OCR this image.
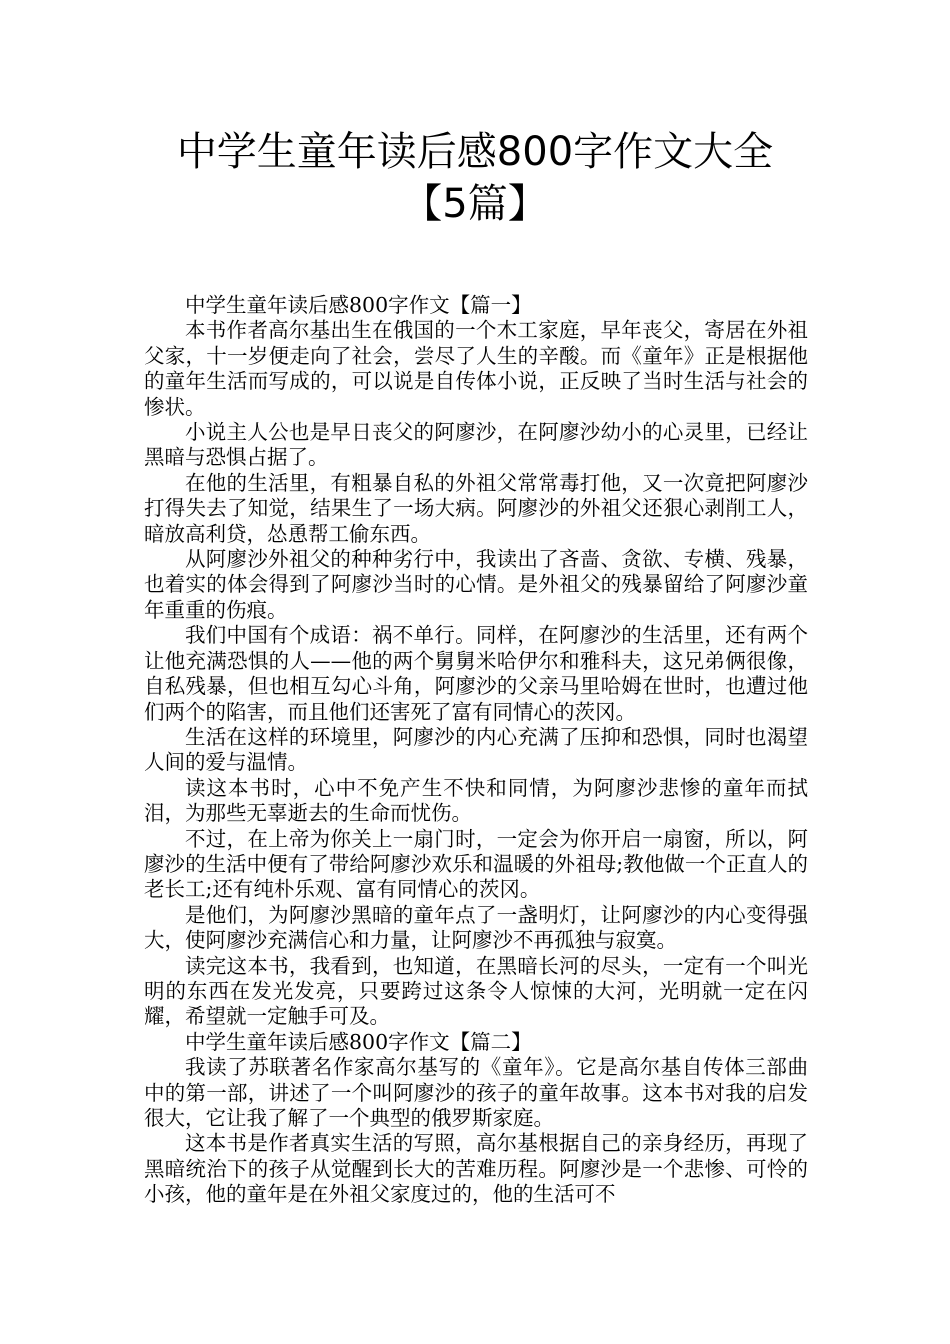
中学生童年读后感800字作文大全【5篇】

中学生童年读后感800字作文【篇一】

本书作者高尔基出生在俄国的一个木工家庭，早年丧父，寄居在外祖父家，十一岁便走向了社会，尝尽了人生的辛酸。而《童年》正是根据他的童年生活而写成的，可以说是自传体小说，正反映了当时生活与社会的惨状。

小说主人公也是早日丧父的阿廖沙，在阿廖沙幼小的心灵里，已经让黑暗与恐惧占据了。

在他的生活里，有粗暴自私的外祖父常常毒打他，又一次竟把阿廖沙打得失去了知觉，结果生了一场大病。阿廖沙的外祖父还狠心剥削工人，暗放高利贷，怂恿帮工偷东西。

从阿廖沙外祖父的种种劣行中，我读出了吝啬、贪欲、专横、残暴，也着实的体会得到了阿廖沙当时的心情。是外祖父的残暴留给了阿廖沙童年重重的伤痕。

我们中国有个成语：祸不单行。同样，在阿廖沙的生活里，还有两个让他充满恐惧的人——他的两个舅舅米哈伊尔和雅科夫，这兄弟俩很像，自私残暴，但也相互勾心斗角，阿廖沙的父亲马里哈姆在世时，也遭过他们两个的陷害，而且他们还害死了富有同情心的茨冈。

生活在这样的环境里，阿廖沙的内心充满了压抑和恐惧，同时也渴望人间的爱与温情。

读这本书时，心中不免产生不快和同情，为阿廖沙悲惨的童年而拭泪，为那些无辜逝去的生命而忧伤。

不过，在上帝为你关上一扇门时，一定会为你开启一扇窗，所以，阿廖沙的生活中便有了带给阿廖沙欢乐和温暖的外祖母;教他做一个正直人的老长工;还有纯朴乐观、富有同情心的茨冈。

是他们，为阿廖沙黑暗的童年点了一盏明灯，让阿廖沙的内心变得强大，使阿廖沙充满信心和力量，让阿廖沙不再孤独与寂寞。

读完这本书，我看到，也知道，在黑暗长河的尽头，一定有一个叫光明的东西在发光发亮，只要跨过这条令人惊悚的大河，光明就一定在闪耀，希望就一定触手可及。

中学生童年读后感800字作文【篇二】

我读了苏联著名作家高尔基写的《童年》。它是高尔基自传体三部曲中的第一部，讲述了一个叫阿廖沙的孩子的童年故事。这本书对我的启发很大，它让我了解了一个典型的俄罗斯家庭。

这本书是作者真实生活的写照，高尔基根据自己的亲身经历，再现了黑暗统治下的孩子从觉醒到长大的苦难历程。阿廖沙是一个悲惨、可怜的小孩，他的童年是在外祖父家度过的，他的生活可不
